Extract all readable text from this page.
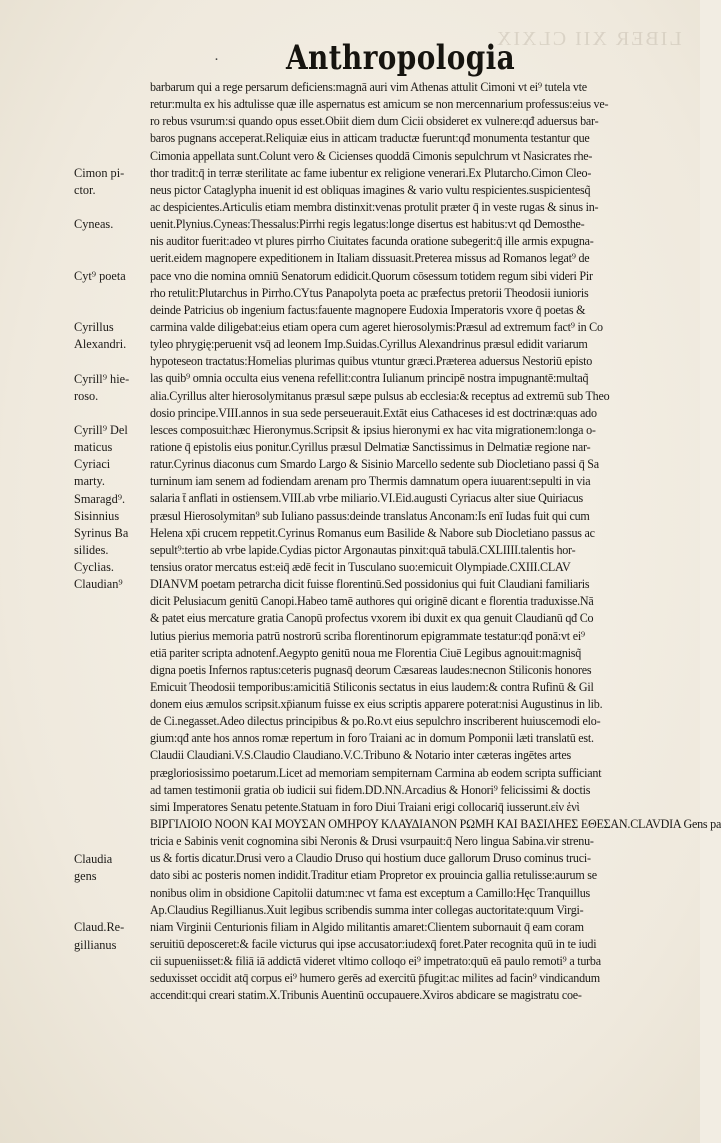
LIBER XII CLXIX
· Anthropologia
Cimon pi-
ctor.
Cyneas.
Cyt⁹ poeta
Cyrillus
Alexandri.
Cyrill⁹ hie-
roso.
Cyrill⁹ Del
maticus
Cyriaci
marty.
Smaragd⁹.
Sisinnius
Syrinus Ba
silides.
Cyclias.
Claudian⁹
Claudia
gens
Claud.Re-
gillianus
barbarum qui a rege persarum deficiens:magnā auri vim Athenas attulit Cimoni vt ei⁹ tutela vte
retur:multa ex his adtulisse quæ ille aspernatus est amicum se non mercennarium professus:eius ve-
ro rebus vsurum:si quando opus esset.Obiit diem dum Cicii obsideret ex vulnere:qđ aduersus bar-
baros pugnans acceperat.Reliquiæ eius in atticam traductæ fuerunt:qđ monumenta testantur que
Cimonia appellata sunt.Colunt vero & Cicienses quoddā Cimonis sepulchrum vt Nasicrates rhe-
thor tradit:q̄ in terræ sterilitate ac fame iubentur ex religione venerari.Ex Plutarcho.Cimon Cleo-
neus pictor Cataglypha inuenit id est obliquas imagines & vario vultu respicientes.suspicientesq̃
ac despicientes.Articulis etiam membra distinxit:venas protulit præter q̄ in veste rugas & sinus in-
uenit.Plynius.Cyneas:Thessalus:Pirrhi regis legatus:longe disertus est habitus:vt qd Demosthe-
nis auditor fuerit:adeo vt plures pirrho Ciuitates facunda oratione subegerit:q̄ ille armis expugna-
uerit.eidem magnopere expeditionem in Italiam dissuasit.Preterea missus ad Romanos legat⁹ de
pace vno die nomina omniū Senatorum edidicit.Quorum cōsessum totidem regum sibi videri Pir
rho retulit:Plutarchus in Pirrho.CYtus Panapolyta poeta ac præfectus pretorii Theodosii iunioris
deinde Patricius ob ingenium factus:fauente magnopere Eudoxia Imperatoris vxore q̄ poetas &
carmina valde diligebat:eius etiam opera cum ageret hierosolymis:Præsul ad extremum fact⁹ in Co
tyleo phrygię:peruenit vsq̄ ad leonem Imp.Suidas.Cyrillus Alexandrinus præsul edidit variarum
hypoteseon tractatus:Homelias plurimas quibus vtuntur græci.Præterea aduersus Nestoriū episto
las quib⁹ omnia occulta eius venena refellit:contra Iulianum principē nostra impugnantē:multaq̃
alia.Cyrillus alter hierosolymitanus præsul sæpe pulsus ab ecclesia:& receptus ad extremū sub Theo
dosio principe.VIII.annos in sua sede perseuerauit.Extāt eius Cathaceses id est doctrinæ:quas ado
lesces composuit:hæc Hieronymus.Scripsit & ipsius hieronymi ex hac vita migrationem:longa o-
ratione q̄ epistolis eius ponitur.Cyrillus præsul Delmatiæ Sanctissimus in Delmatiæ regione nar-
ratur.Cyrinus diaconus cum Smardo Largo & Sisinio Marcello sedente sub Diocletiano passi q̄ Sa
turninum iam senem ad fodiendam arenam pro Thermis damnatum opera iuuarent:sepulti in via
salaria t̄ anflati in ostiensem.VIII.ab vrbe miliario.VI.Eid.augusti Cyriacus alter siue Quiriacus
præsul Hierosolymitan⁹ sub Iuliano passus:deinde translatus Anconam:Is enī Iudas fuit qui cum
Helena xp̄i crucem reppetit.Cyrinus Romanus eum Basilide & Nabore sub Diocletiano passus ac
sepult⁹:tertio ab vrbe lapide.Cydias pictor Argonautas pinxit:quā tabulā.CXLIIII.talentis hor-
tensius orator mercatus est:eiq̄ ædē fecit in Tusculano suo:emicuit Olympiade.CXIII.CLAV
DIANVM poetam petrarcha dicit fuisse florentinū.Sed possidonius qui fuit Claudiani familiaris
dicit Pelusiacum genitū Canopi.Habeo tamē authores qui originē dicant e florentia traduxisse.Nā
& patet eius mercature gratia Canopū profectus vxorem ibi duxit ex qua genuit Claudianū qđ Co
lutius pierius memoria patrū nostrorū scriba florentinorum epigrammate testatur:qđ ponā:vt ei⁹
etiā pariter scripta adnotenf.Aegypto genitū noua me Florentia Ciuē Legibus agnouit:magnisq̃
digna poetis Infernos raptus:ceteris pugnasq̄ deorum Cæsareas laudes:necnon Stiliconis honores
Emicuit Theodosii temporibus:amicitiā Stiliconis sectatus in eius laudem:& contra Rufinū & Gil
donem eius æmulos scripsit.xp̄ianum fuisse ex eius scriptis apparere poterat:nisi Augustinus in lib.
de Ci.negasset.Adeo dilectus principibus & po.Ro.vt eius sepulchro inscriberent huiuscemodi elo-
gium:qđ ante hos annos romæ repertum in foro Traiani ac in domum Pomponii læti translatū est.
Claudii Claudiani.V.S.Claudio Claudiano.V.C.Tribuno & Notario inter cæteras ingētes artes
prægloriosissimo poetarum.Licet ad memoriam sempiternam Carmina ab eodem scripta sufficiant
ad tamen testimonii gratia ob iudicii sui fidem.DD.NN.Arcadius & Honori⁹ felicissimi & doctis
simi Imperatores Senatu petente.Statuam in foro Diui Traiani erigi collocariq̄ iusserunt.εἰν ἑνὶ
ΒΙΡΓΙΛΙΟΙΟ ΝΟΟΝ ΚΑΙ ΜΟΥΣΑΝ ΟΜΗΡΟΥ ΚΛΑΥΔΙΑΝΟΝ ΡΩΜΗ ΚΑΙ ΒΑΣΙΛΗΕΣ ΕΘΕΣΑΝ.CLAVDIA Gens pa
tricia e Sabinis venit cognomina sibi Neronis & Drusi vsurpauit:q̄ Nero lingua Sabina.vir strenu-
us & fortis dicatur.Drusi vero a Claudio Druso qui hostium duce gallorum Druso cominus truci-
dato sibi ac posteris nomen indidit.Traditur etiam Propretor ex prouincia gallia retulisse:aurum se
nonibus olim in obsidione Capitolii datum:nec vt fama est exceptum a Camillo:Hęc Tranquillus
Ap.Claudius Regillianus.Xuit legibus scribendis summa inter collegas auctoritate:quum Virgi-
niam Virginii Centurionis filiam in Algido militantis amaret:Clientem subornauit q̄ eam coram
seruitiū deposceret:& facile victurus qui ipse accusator:iudexq̄ foret.Pater recognita quū in te iudi
cii supueniisset:& filiā iā addictā videret vltimo colloqo ei⁹ impetrato:quū eā paulo remoti⁹ a turba
seduxisset occidit atq̄ corpus ei⁹ humero gerēs ad exercitū p̄fugit:ac milites ad facin⁹ vindicandum
accendit:qui creari statim.X.Tribunis Auentinū occupauere.Xviros abdicare se magistratu coe-
